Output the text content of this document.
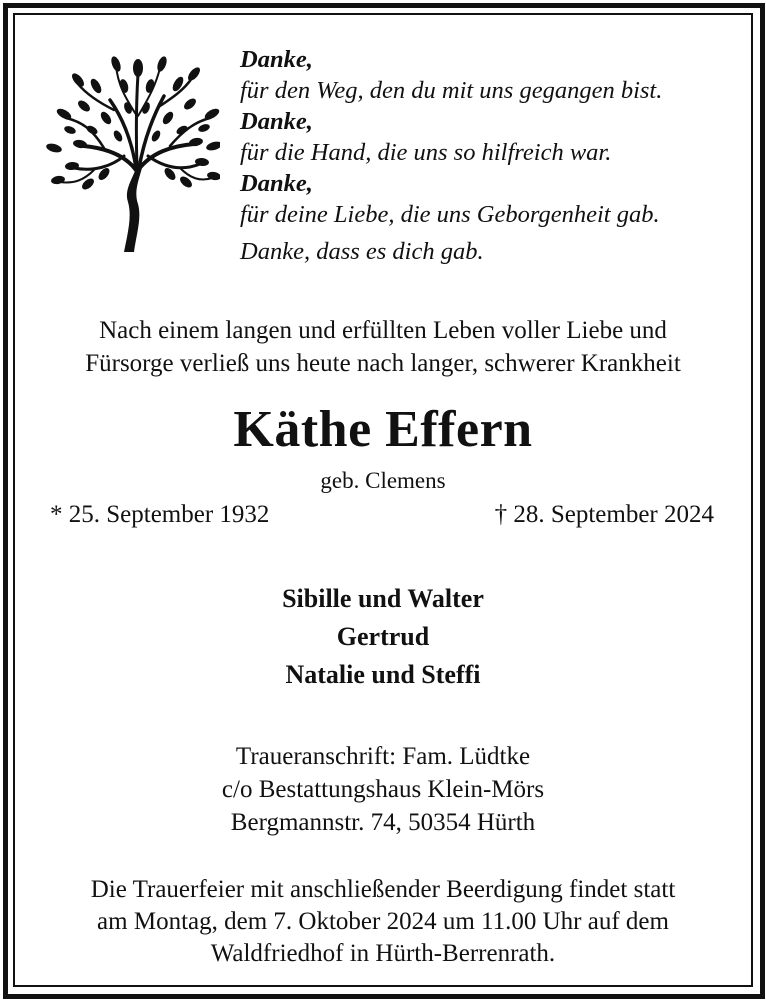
Danke,
für den Weg, den du mit uns gegangen bist.
Danke,
für die Hand, die uns so hilfreich war.
Danke,
für deine Liebe, die uns Geborgenheit gab.
Danke, dass es dich gab.
Nach einem langen und erfüllten Leben voller Liebe und
Fürsorge verließ uns heute nach langer, schwerer Krankheit
Käthe Effern
geb. Clemens
* 25. September 1932	† 28. September 2024
Sibille und Walter
Gertrud
Natalie und Steffi
Traueranschrift: Fam. Lüdtke
c/o Bestattungshaus Klein-Mörs
Bergmannstr. 74, 50354 Hürth
Die Trauerfeier mit anschließender Beerdigung findet statt
am Montag, dem 7. Oktober 2024 um 11.00 Uhr auf dem
Waldfriedhof in Hürth-Berrenrath.
